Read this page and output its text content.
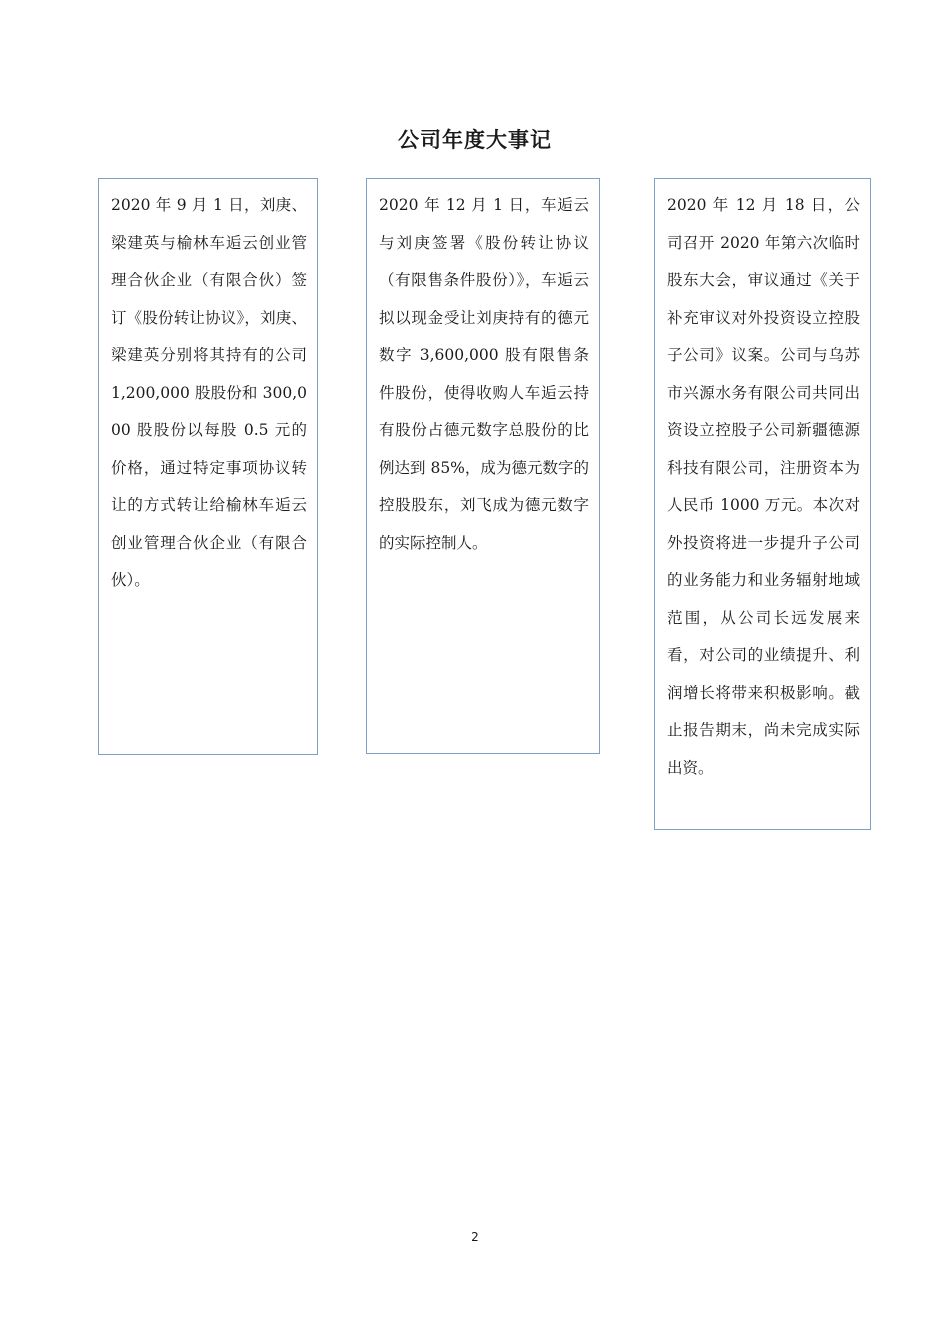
公司年度大事记
2020 年 9 月 1 日，刘庚、梁建英与榆林车逅云创业管理合伙企业（有限合伙）签订《股份转让协议》，刘庚、梁建英分别将其持有的公司 1,200,000 股股份和 300,000 股股份以每股 0.5 元的价格，通过特定事项协议转让的方式转让给榆林车逅云创业管理合伙企业（有限合伙）。
2020 年 12 月 1 日，车逅云与刘庚签署《股份转让协议（有限售条件股份）》，车逅云拟以现金受让刘庚持有的德元数字 3,600,000 股有限售条件股份，使得收购人车逅云持有股份占德元数字总股份的比例达到 85%，成为德元数字的控股股东，刘飞成为德元数字的实际控制人。
2020 年 12 月 18 日，公司召开 2020 年第六次临时股东大会，审议通过《关于补充审议对外投资设立控股子公司》议案。公司与乌苏市兴源水务有限公司共同出资设立控股子公司新疆德源科技有限公司，注册资本为人民币 1000 万元。本次对外投资将进一步提升子公司的业务能力和业务辐射地域范围，从公司长远发展来看，对公司的业绩提升、利润增长将带来积极影响。截止报告期末，尚未完成实际出资。
2
